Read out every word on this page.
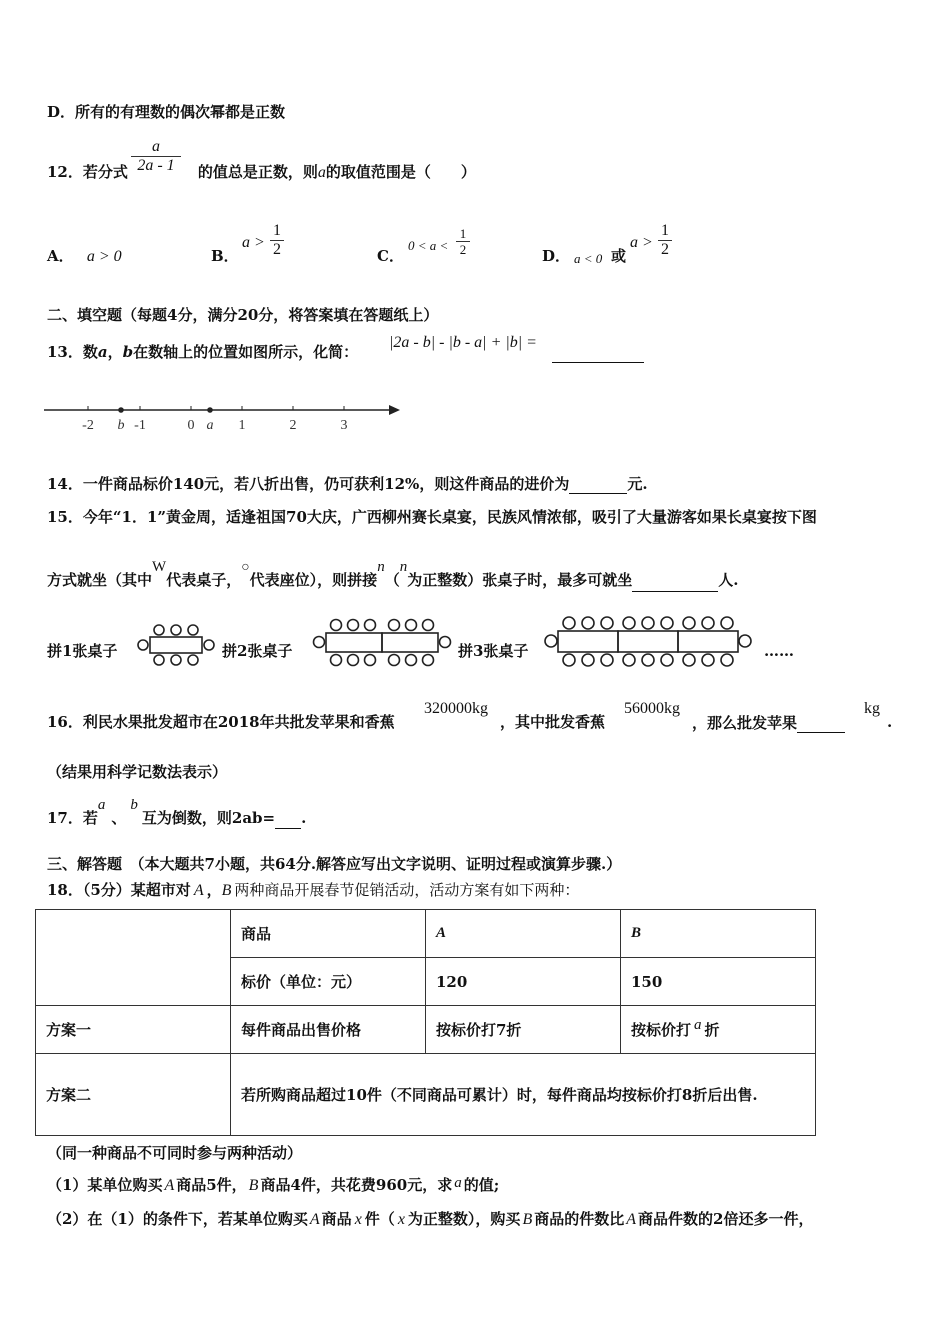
D．所有的有理数的偶次幂都是正数
12．若分式	的值总是正数，则a的取值范围是（　　）
a
2a - 1
A． a > 0	B．
a >
1
2	C．
0 < a <
1
2	D． a < 0 或
a >
1
2
二、填空题（每题4分，满分20分，将答案填在答题纸上）
13．数a，b在数轴上的位置如图所示，化简：
|2a - b| - |b - a| + |b| =

-2 b -1	0 a 1	2	3
14．一件商品标价140元，若八折出售，仍可获利12%，则这件商品的进价为	元.
15．今年“1．1”黄金周，适逢祖国70大庆，广西柳州赛长桌宴，民族风情浓郁，吸引了大量游客如果长桌宴按下图
方式就坐（其中W代表桌子，○代表座位），则拼接n（n为正整数）张桌子时，最多可就坐	人.
拼1张桌子	拼2张桌子	拼3张桌子	……
16．利民水果批发超市在2018年共批发苹果和香蕉
320000kg
，其中批发香蕉
56000kg
，那么批发苹果
kg
.
（结果用科学记数法表示）
17．若a、b互为倒数，则2ab= .
三、解答题　（本大题共7小题，共64分.解答应写出文字说明、证明过程或演算步骤.）
18．（5分）某超市对 A ，B 两种商品开展春节促销活动，活动方案有如下两种：
	商品	A	B
	标价（单位：元）	120	150
方案一	每件商品出售价格	按标价打7折	按标价打 a 折
方案二	若所购商品超过10件（不同商品可累计）时，每件商品均按标价打8折后出售.		
（同一种商品不可同时参与两种活动）
（1）某单位购买 A 商品5件， B 商品4件，共花费960元，求 a 的值;
（2）在（1）的条件下，若某单位购买 A 商品 x 件（ x 为正整数），购买 B 商品的件数比 A 商品件数的2倍还多一件，
